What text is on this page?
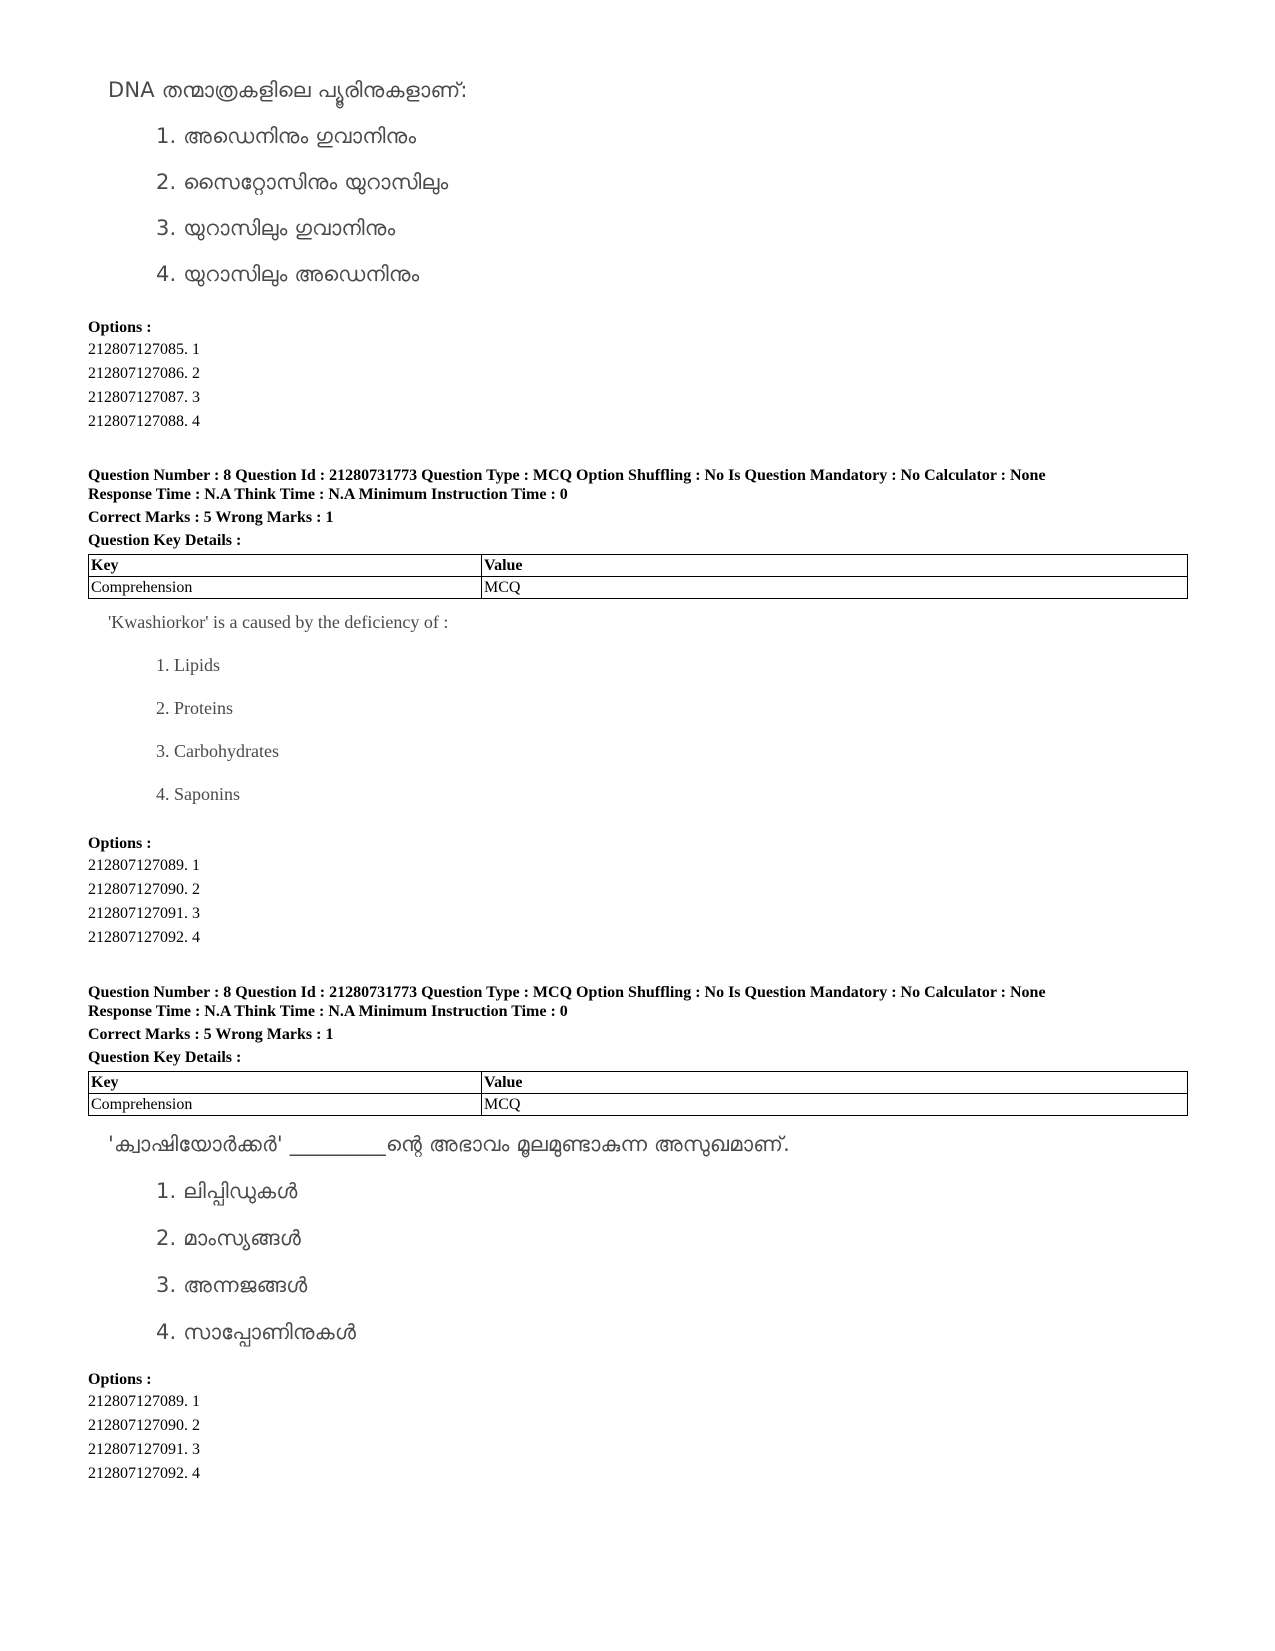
DNA തന്മാത്രകളിലെ പ്യൂരിനുകളാണ്:
1. അഡെനിനും ഗുവാനിനും
2. സൈറ്റോസിനും യുറാസിലും
3. യുറാസിലും ഗുവാനിനും
4. യുറാസിലും അഡെനിനും
Options :
212807127085. 1
212807127086. 2
212807127087. 3
212807127088. 4
Question Number : 8 Question Id : 21280731773 Question Type : MCQ Option Shuffling : No Is Question Mandatory : No Calculator : None
Response Time : N.A Think Time : N.A Minimum Instruction Time : 0
Correct Marks : 5 Wrong Marks : 1
Question Key Details :
Key	Value
Comprehension	MCQ
'Kwashiorkor' is a caused by the deficiency of :
1. Lipids
2. Proteins
3. Carbohydrates
4. Saponins
Options :
212807127089. 1
212807127090. 2
212807127091. 3
212807127092. 4
Question Number : 8 Question Id : 21280731773 Question Type : MCQ Option Shuffling : No Is Question Mandatory : No Calculator : None
Response Time : N.A Think Time : N.A Minimum Instruction Time : 0
Correct Marks : 5 Wrong Marks : 1
Question Key Details :
Key	Value
Comprehension	MCQ
'ക്വാഷിയോർക്കർ' _________ന്റെ അഭാവം മൂലമുണ്ടാകുന്ന അസുഖമാണ്.
1. ലിപ്പിഡുകൾ
2. മാംസ്യങ്ങൾ
3. അന്നജങ്ങൾ
4. സാപ്പോണിനുകൾ
Options :
212807127089. 1
212807127090. 2
212807127091. 3
212807127092. 4
